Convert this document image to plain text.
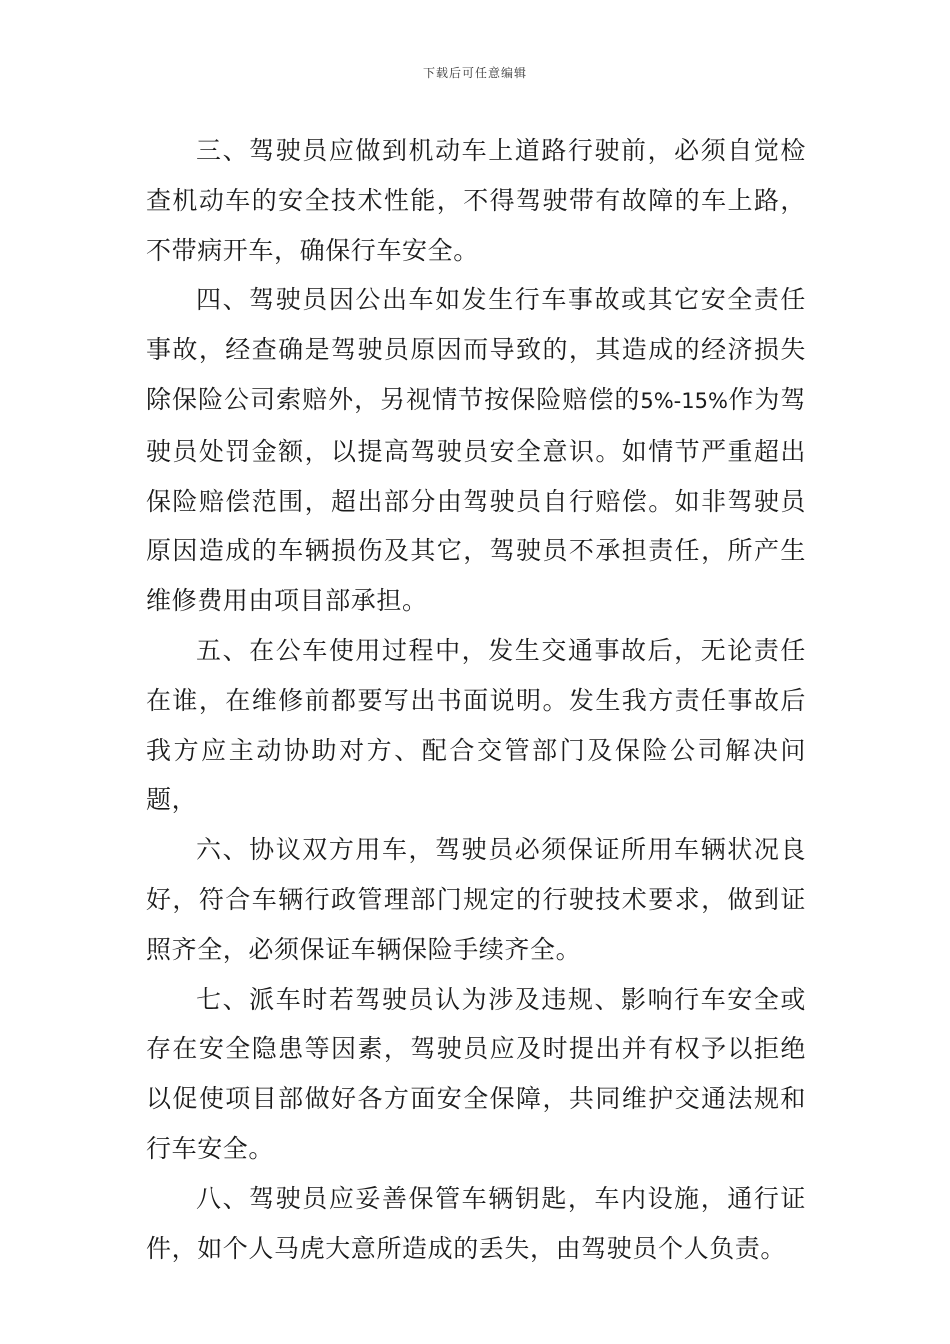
下载后可任意编辑

三、驾驶员应做到机动车上道路行驶前，必须自觉检查机动车的安全技术性能，不得驾驶带有故障的车上路，不带病开车，确保行车安全。

四、驾驶员因公出车如发生行车事故或其它安全责任事故，经查确是驾驶员原因而导致的，其造成的经济损失除保险公司索赔外，另视情节按保险赔偿的5%-15%作为驾驶员处罚金额，以提高驾驶员安全意识。如情节严重超出保险赔偿范围，超出部分由驾驶员自行赔偿。如非驾驶员原因造成的车辆损伤及其它，驾驶员不承担责任，所产生维修费用由项目部承担。

五、在公车使用过程中，发生交通事故后，无论责任在谁，在维修前都要写出书面说明。发生我方责任事故后我方应主动协助对方、配合交管部门及保险公司解决问题，

六、协议双方用车，驾驶员必须保证所用车辆状况良好，符合车辆行政管理部门规定的行驶技术要求，做到证照齐全，必须保证车辆保险手续齐全。

七、派车时若驾驶员认为涉及违规、影响行车安全或存在安全隐患等因素，驾驶员应及时提出并有权予以拒绝以促使项目部做好各方面安全保障，共同维护交通法规和行车安全。

八、驾驶员应妥善保管车辆钥匙，车内设施，通行证件，如个人马虎大意所造成的丢失，由驾驶员个人负责。
